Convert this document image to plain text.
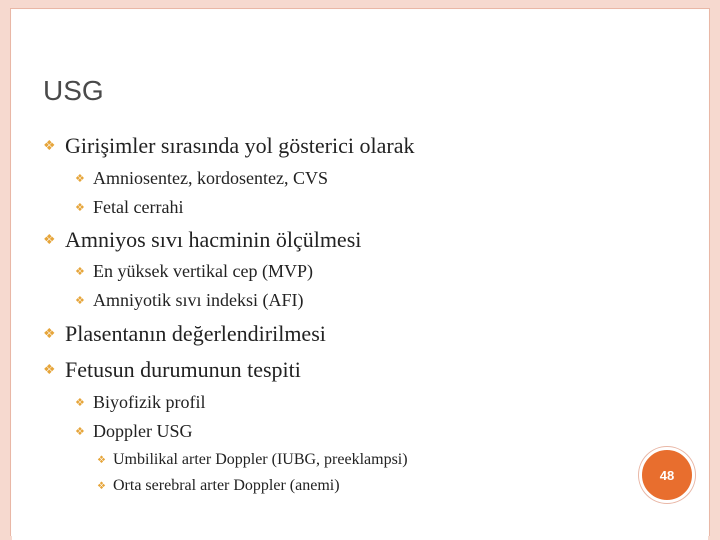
USG
❖ Girişimler sırasında yol gösterici olarak
❖ Amniosentez, kordosentez, CVS
❖ Fetal cerrahi
❖ Amniyos sıvı hacminin ölçülmesi
❖ En yüksek vertikal cep (MVP)
❖ Amniyotik sıvı indeksi (AFI)
❖ Plasentanın değerlendirilmesi
❖ Fetusun durumunun tespiti
❖ Biyofizik profil
❖ Doppler USG
❖ Umbilikal arter Doppler (IUBG, preeklampsi)
❖ Orta serebral arter Doppler (anemi)
48
